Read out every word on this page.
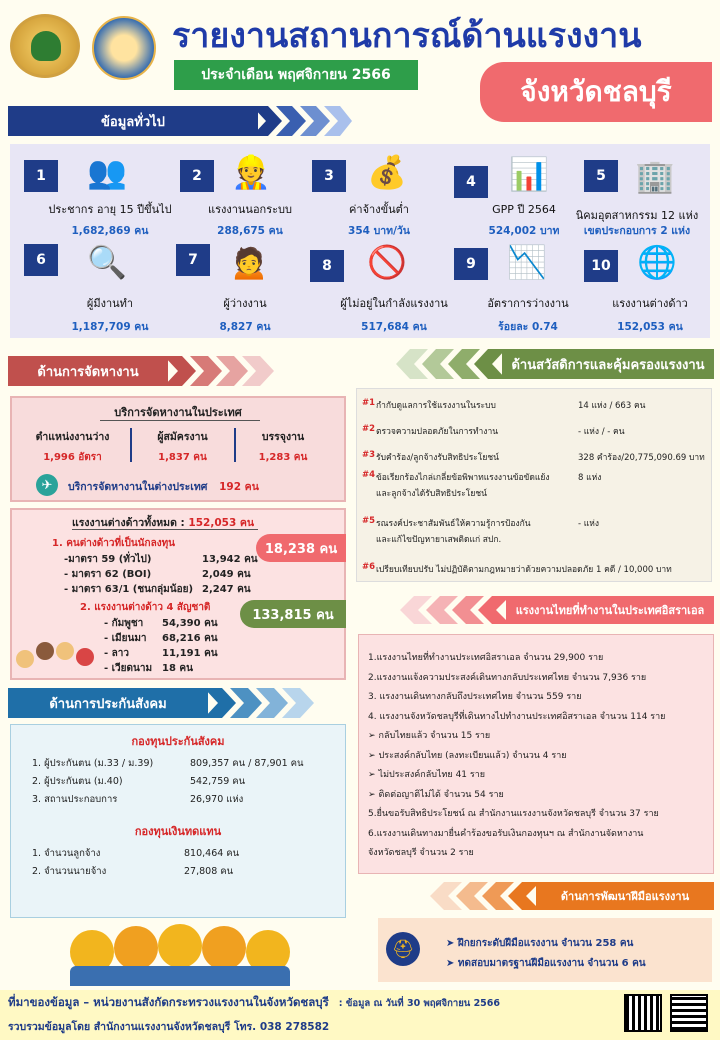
รายงานสถานการณ์ด้านแรงงาน
ประจำเดือน พฤศจิกายน 2566	จังหวัดชลบุรี
ข้อมูลทั่วไป
1	👥
ประชากร อายุ 15 ปีขึ้นไป
1,682,869 คน
2 👷
แรงงานนอกระบบ
288,675 คน
3	💰
ค่าจ้างขั้นต่ำ
354 บาท/วัน
4	📊
GPP ปี 2564
524,002 บาท
5 🏢
นิคมอุตสาหกรรม 12 แห่ง
เขตประกอบการ 2 แห่ง
6	🔍
ผู้มีงานทำ
1,187,709 คน
7 🙍
ผู้ว่างงาน
8,827 คน
8	🚫
ผู้ไม่อยู่ในกำลังแรงงาน
517,684 คน
9 📉
อัตราการว่างงาน
ร้อยละ 0.74
10 🌐
แรงงานต่างด้าว
152,053 คน
ด้านการจัดหางาน
บริการจัดหางานในประเทศ
ตำแหน่งงานว่าง
1,996 อัตรา
ผู้สมัครงาน
1,837 คน
บรรจุงาน
1,283 คน
✈	บริการจัดหางานในต่างประเทศ 192 คน
แรงงานต่างด้าวทั้งหมด : 152,053 คน
1. คนต่างด้าวที่เป็นนักลงทุน
-มาตรา 59 (ทั่วไป)	13,942 คน
- มาตรา 62 (BOI)	2,049 คน
- มาตรา 63/1 (ชนกลุ่มน้อย) 2,247 คน
18,238 คน
2. แรงงานต่างด้าว 4 สัญชาติ
- กัมพูชา 54,390 คน
- เมียนมา 68,216 คน
- ลาว	11,191 คน
- เวียดนาม 18 คน
133,815 คน
ด้านสวัสดิการและคุ้มครองแรงงาน
#1 กำกับดูแลการใช้แรงงานในระบบ	14 แห่ง / 663 คน
#2 ตรวจความปลอดภัยในการทำงาน	- แห่ง / - คน
#3 รับคำร้อง/ลูกจ้างรับสิทธิประโยชน์	328 คำร้อง/20,775,090.69 บาท
#4 ข้อเรียกร้องไกล่เกลี่ยข้อพิพาทแรงงานข้อขัดแย้ง
และลูกจ้างได้รับสิทธิประโยชน์
8 แห่ง
#5 รณรงค์ประชาสัมพันธ์ให้ความรู้การป้องกัน
และแก้ไขปัญหายาเสพติดแก่ สปก.
- แห่ง
#6 เปรียบเทียบปรับ ไม่ปฏิบัติตามกฎหมายว่าด้วยความปลอดภัย 1 คดี / 10,000 บาท
แรงงานไทยที่ทำงานในประเทศอิสราเอล
1.แรงงานไทยที่ทำงานประเทศอิสราเอล จำนวน 29,900 ราย
2.แรงงานแจ้งความประสงค์เดินทางกลับประเทศไทย จำนวน 7,936 ราย
3. แรงงานเดินทางกลับถึงประเทศไทย จำนวน 559 ราย
4. แรงงานจังหวัดชลบุรีที่เดินทางไปทำงานประเทศอิสราเอล จำนวน 114 ราย
➢ กลับไทยแล้ว จำนวน 15 ราย
➢ ประสงค์กลับไทย (ลงทะเบียนแล้ว) จำนวน 4 ราย
➢ ไม่ประสงค์กลับไทย 41 ราย
➢ ติดต่อญาติไม่ได้ จำนวน 54 ราย
5.ยื่นขอรับสิทธิประโยชน์ ณ สำนักงานแรงงานจังหวัดชลบุรี จำนวน 37 ราย
6.แรงงานเดินทางมายื่นคำร้องขอรับเงินกองทุนฯ ณ สำนักงานจัดหางาน
จังหวัดชลบุรี จำนวน 2 ราย
ด้านการประกันสังคม
กองทุนประกันสังคม
1. ผู้ประกันตน (ม.33 / ม.39)	809,357 คน / 87,901 คน
2. ผู้ประกันตน (ม.40)	542,759 คน
3. สถานประกอบการ	26,970 แห่ง
กองทุนเงินทดแทน
1. จำนวนลูกจ้าง	810,464 คน
2. จำนวนนายจ้าง	27,808 คน
ด้านการพัฒนาฝีมือแรงงาน
⛑	➤ ฝึกยกระดับฝีมือแรงงาน จำนวน 258 คน
➤ ทดสอบมาตรฐานฝีมือแรงงาน จำนวน 6 คน
ที่มาของข้อมูล – หน่วยงานสังกัดกระทรวงแรงงานในจังหวัดชลบุรี : ข้อมูล ณ วันที่ 30 พฤศจิกายน 2566
รวบรวมข้อมูลโดย สำนักงานแรงงานจังหวัดชลบุรี โทร. 038 278582
